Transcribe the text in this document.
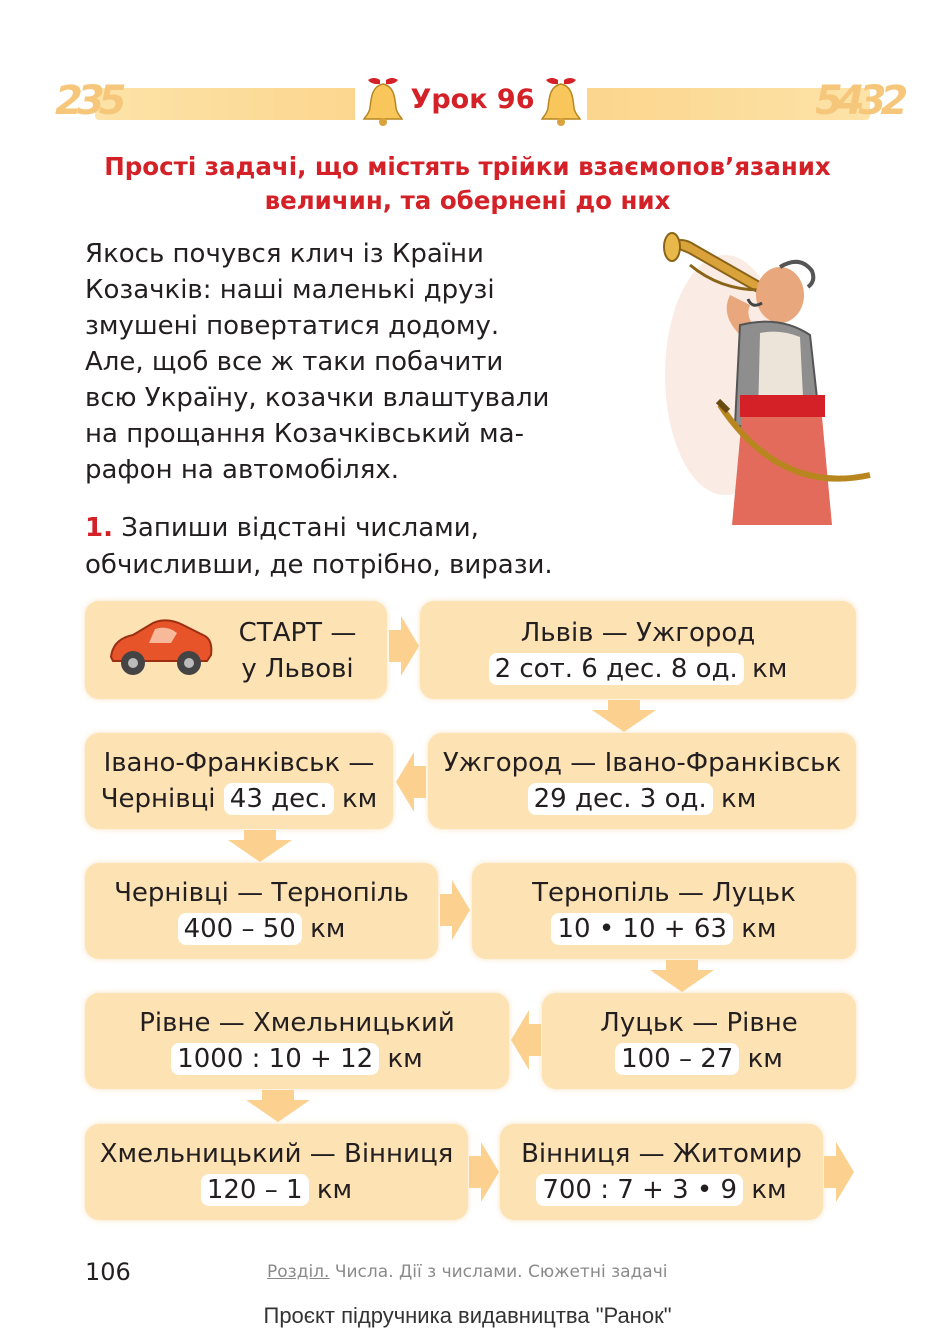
235	5432
Урок 96
Прості задачі, що містять трійки взаємопов’язаних
величин, та обернені до них

Якось почувся клич із Країни

Козачків: наші маленькі друзі

змушені повертатися додому.

Але, щоб все ж таки побачити

всю Україну, козачки влаштували

на прощання Козачківський ма-

рафон на автомобілях.

1. Запиши відстані числами,
обчисливши, де потрібно, вирази.
СТАРТ —
у Львові
Львів — Ужгород
2 сот. 6 дес. 8 од. км
Ужгород — Івано-Франківськ
29 дес. 3 од. км
Івано-Франківськ —
Чернівці 43 дес. км
Чернівці — Тернопіль
400 – 50 км
Тернопіль — Луцьк
10 • 10 + 63 км
Луцьк — Рівне
100 – 27 км
Рівне — Хмельницький
1000 : 10 + 12 км
Хмельницький — Вінниця
120 – 1 км
Вінниця — Житомир
700 : 7 + 3 • 9 км
106	Розділ. Числа. Дії з числами. Сюжетні задачі
Проєкт підручника видавництва "Ранок"
